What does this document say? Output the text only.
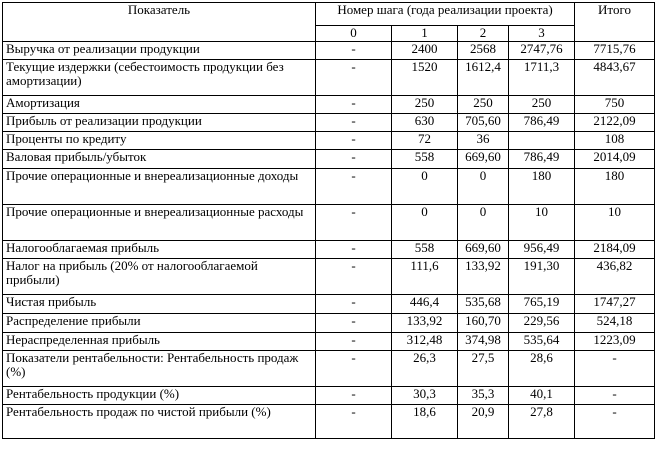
Показатель	Номер шага (года реализации проекта)				Итого
	0	1	2	3	
Выручка от реализации продукции	-	2400	2568	2747,76	7715,76
Текущие издержки (себестоимость продукции без амортизации)	-	1520	1612,4	1711,3	4843,67
Амортизация	-	250	250	250	750
Прибыль от реализации продукции	-	630	705,60	786,49	2122,09
Проценты по кредиту	-	72	36		108
Валовая прибыль/убыток	-	558	669,60	786,49	2014,09
Прочие операционные и внереализационные доходы	-	0	0	180	180
Прочие операционные и внереализационные расходы	-	0	0	10	10
Налогооблагаемая прибыль	-	558	669,60	956,49	2184,09
Налог на прибыль (20% от налогооблагаемой прибыли)	-	111,6	133,92	191,30	436,82
Чистая прибыль	-	446,4	535,68	765,19	1747,27
Распределение прибыли	-	133,92	160,70	229,56	524,18
Нераспределенная прибыль	-	312,48	374,98	535,64	1223,09
Показатели рентабельности: Рентабельность продаж (%)	-	26,3	27,5	28,6	-
Рентабельность продукции (%)	-	30,3	35,3	40,1	-
Рентабельность продаж по чистой прибыли (%)	-	18,6	20,9	27,8	-
